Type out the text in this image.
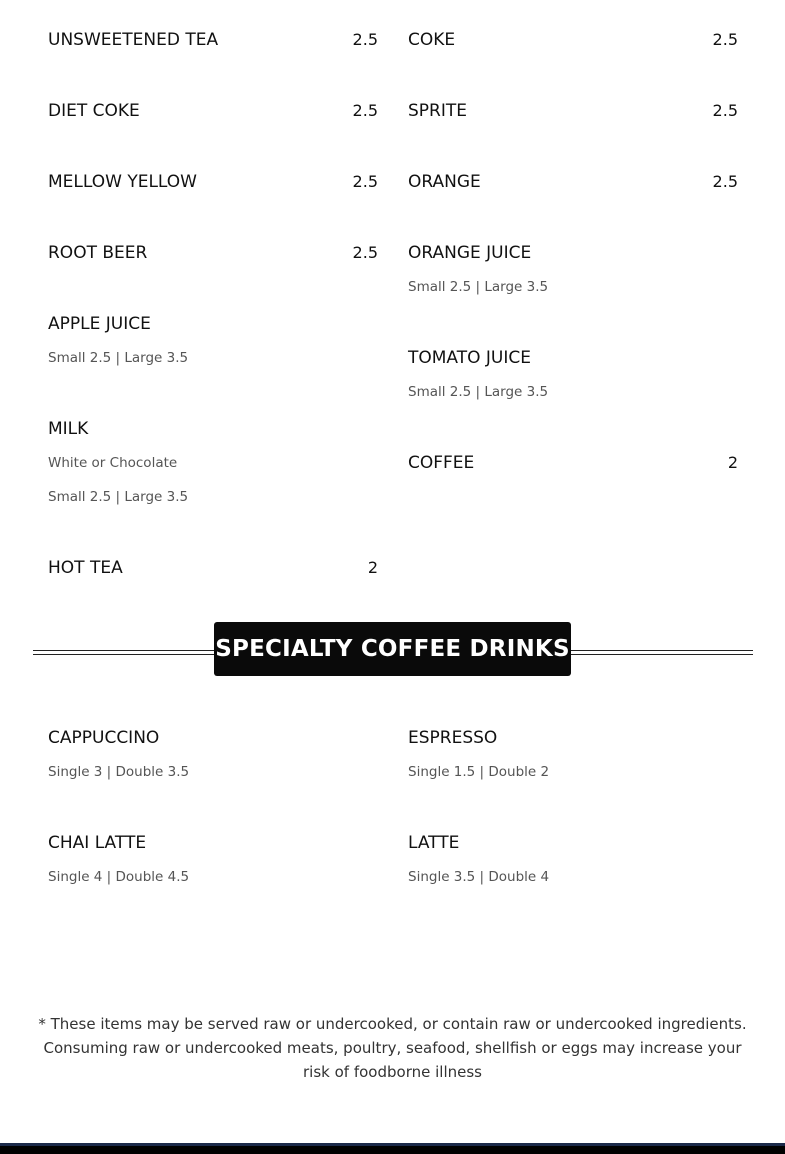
UNSWEETENED TEA	2.5
DIET COKE	2.5
MELLOW YELLOW	2.5
ROOT BEER	2.5
APPLE JUICE
Small 2.5 | Large 3.5
MILK
White or Chocolate
Small 2.5 | Large 3.5
HOT TEA	2
COKE	2.5
SPRITE	2.5
ORANGE	2.5
ORANGE JUICE
Small 2.5 | Large 3.5
TOMATO JUICE
Small 2.5 | Large 3.5
COFFEE	2
SPECIALTY COFFEE DRINKS
CAPPUCCINO
Single 3 | Double 3.5
ESPRESSO
Single 1.5 | Double 2
CHAI LATTE
Single 4 | Double 4.5
LATTE
Single 3.5 | Double 4
* These items may be served raw or undercooked, or contain raw or undercooked ingredients. Consuming raw or undercooked meats, poultry, seafood, shellfish or eggs may increase your risk of foodborne illness
